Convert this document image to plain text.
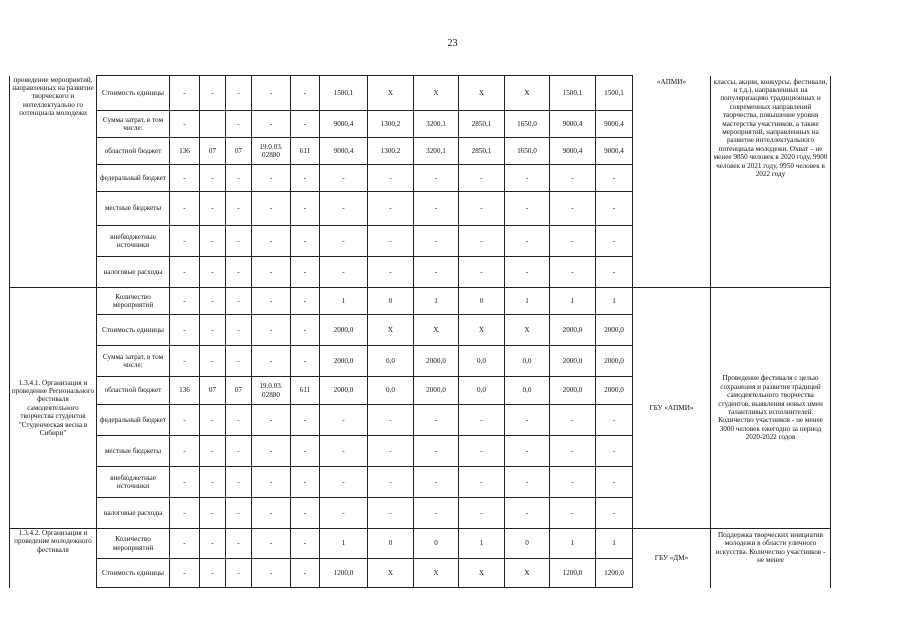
23
проведение мероприятий, направленных на развитие творческого и интеллектуально го потенциала молодежи	Стоимость единицы	-	-	-	-	-	1500,1	Х	Х	Х	Х	1500,1	1500,1	«АПМИ»	классы, акции, конкурсы, фестивали, и т.д.), направленных на популяризацию традиционных и современных направлений творчества, повышение уровня мастерства участников, а также мероприятий, направленных на развитие интеллектуального потенциала молодежи. Охват – не менее 9850 человек в 2020 году, 9900 человек в 2021 году, 9950 человек в 2022 году
	Сумма затрат, в том числе:	-		-	-	-	9000,4	1300,2	3200,1	2850,1	1650,0	9000,4	9000,4		
	областной бюджет	136	07	07	19.0.03. 02880	611	9000,4	1300,2	3200,1	2850,1	1650,0	9000,4	9000,4		
	федеральный бюджет	-	-	-	-	-	-	-	-	-	-	-	-		
	местные бюджеты	-	-	-	-	-	-	-	-	-	-	-	-		
	внебюджетные источники	-	-	-	-	-	-	-	-	-	-	-	-		
	налоговые расходы	-	-	-	-	-	-	-	-	-	-	-	-		
1.3.4.1. Организация и проведение Регионального фестиваля самодеятельного творчества студентов "Студенческая весна в Сибири"	Количество мероприятий	-	-	-	-	-	1	0	1	0	1	1	1	ГБУ «АПМИ»	Проведение фестиваля с целью сохранения и развития традиций самодеятельного творчества студентов, выявления новых имен талантливых исполнителей. Количество участников - не менее 3000 человек ежегодно за период 2020-2022 годов
	Стоимость единицы	-	-	-	-	-	2000,0	Х	Х	Х	Х	2000,0	2000,0		
	Сумма затрат, в том числе:	-	-	-	-	-	2000,0	0,0	2000,0	0,0	0,0	2000,0	2000,0		
	областной бюджет	136	07	07	19.0.03. 02880	611	2000,0	0,0	2000,0	0,0	0,0	2000,0	2000,0		
	федеральный бюджет	-	-	-	-	-	-	-	-	-	-	-	-		
	местные бюджеты	-	-	-	-	-	-	-	-	-	-	-	-		
	внебюджетные источники	-	-	-	-	-	-	-	-	-	-	-	-		
	налоговые расходы	-	-	-	-	-	-	-	-	-	-	-	-		
1.3.4.2. Организация и проведение молодежного фестиваля	Количество мероприятий	-	-	-	-	-	1	0	0	1	0	1	1	ГБУ «ДМ»	Поддержка творческих инициатив молодежи в области уличного искусства. Количество участников - не менее
	Стоимость единицы	-	-	-	-	-	1200,0	Х	Х	Х	Х	1200,0	1200,0		
